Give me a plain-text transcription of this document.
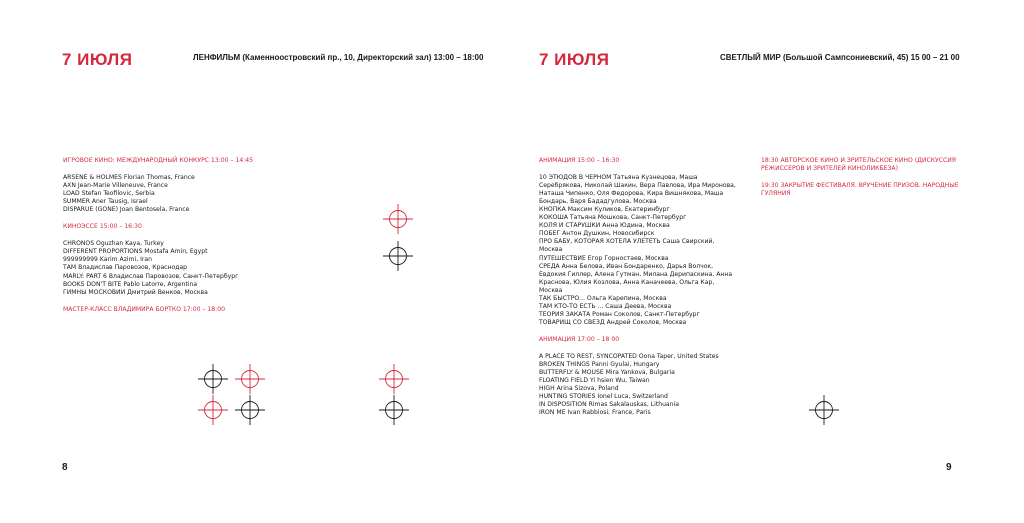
7 ИЮЛЯ	ЛЕНФИЛЬМ (Каменноостровский пр., 10, Директорский зал) 13:00 – 18:00
ИГРОВОЕ КИНО: МЕЖДУНАРОДНЫЙ КОНКУРС 13:00 – 14:45
ARSENE & HOLMES Florian Thomas, France
AXN Jean-Marie Villeneuve, France
LOAD Stefan Teofilovic, Serbia
SUMMER Aner Tausig, Israel
DISPARUE (GONE) Joan Bentosela, France
КИНОЭССЕ 15:00 – 16:30
CHRONOS Oguzhan Kaya, Turkey
DIFFERENT PROPORTIONS Mostafa Amin, Egypt
999999999 Karim Azimi, Iran
ТАМ Владислав Паровозов, Краснодар
MARLY: PART 6 Владислав Паровозов, Санкт-Петербург
BOOKS DON'T BITE Pablo Latorre, Argentina
ГИМНЫ МОСКОВИИ Дмитрий Венков, Москва
МАСТЕР-КЛАСС ВЛАДИМИРА БОРТКО 17:00 – 18:00
8
7 ИЮЛЯ	СВЕТЛЫЙ МИР (Большой Сампсониевский, 45) 15 00 – 21 00
АНИМАЦИЯ 15:00 – 16:30
10 ЭТЮДОВ В ЧЕРНОМ Татьяна Кузнецова, Маша Серебрякова, Николай Шакин, Вера Павлова, Ира Миронова, Наташа Чипенко, Оля Федорова, Кира Вишнякова, Маша Бондарь, Варя Бададгулова, Москва
КНОПКА Максим Куликов, Екатеринбург
КОКОША Татьяна Мошкова, Санкт-Петербург
КОЛЯ И СТАРУШКИ Анна Юдина, Москва
ПОБЕГ Антон Душкин, Новосибирск
ПРО БАБУ, КОТОРАЯ ХОТЕЛА УЛЕТЕТЬ Саша Свирский, Москва
ПУТЕШЕСТВИЕ Егор Горностаев, Москва
СРЕДА Анна Белова, Иван Бондаренко, Дарья Волчок, Евдокия Гиллер, Алена Гутман, Милана Дерипаскина, Анна Краснова, Юлия Козлова, Анна Каначеева, Ольга Кар, Москва
ТАК БЫСТРО... Ольга Карепина, Москва
ТАМ КТО-ТО ЕСТЬ ... Саша Деева, Москва
ТЕОРИЯ ЗАКАТА Роман Соколов, Санкт-Петербург
ТОВАРИЩ СО СВЕЗД Андрей Соколов, Москва
АНИМАЦИЯ 17:00 – 18 00
A PLACE TO REST, SYNCOPATED Oona Taper, United States
BROKEN THINGS Panni Gyulai, Hungary
BUTTERFLY & MOUSE Mira Yankova, Bulgaria
FLOATING FIELD Yi hsien Wu, Taiwan
HIGH Arina Sizova, Poland
HUNTING STORIES Ionel Luca, Switzerland
IN DISPOSITION Rimas Sakalauskas, Lithuania
IRON ME Ivan Rabbiosi, France, Paris
18:30 АВТОРСКОЕ КИНО И ЗРИТЕЛЬСКОЕ КИНО (ДИСКУССИЯ РЕЖИССЕРОВ И ЗРИТЕЛЕЙ КИНОЛИКБЕЗА)
19:30 ЗАКРЫТИЕ ФЕСТИВАЛЯ. ВРУЧЕНИЕ ПРИЗОВ. НАРОДНЫЕ ГУЛЯНИЯ
9
